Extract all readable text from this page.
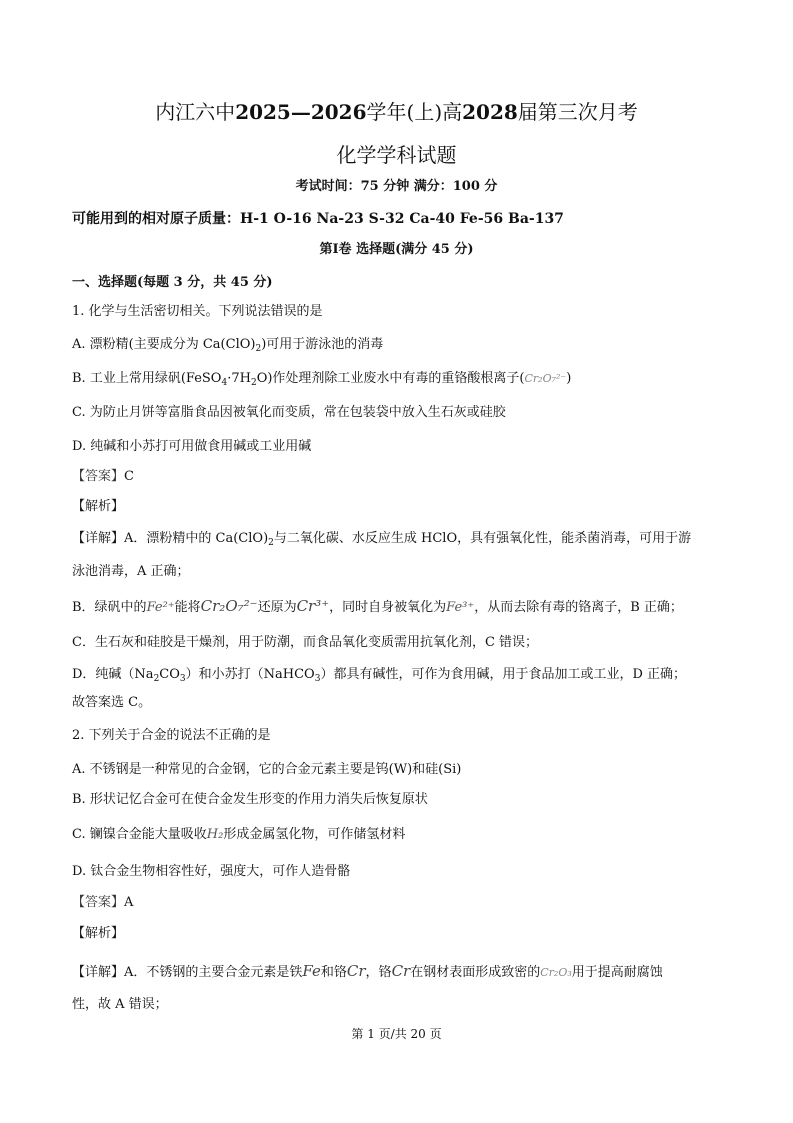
内江六中2025—2026学年(上)高2028届第三次月考
化学学科试题
考试时间：75 分钟 满分：100 分
可能用到的相对原子质量：H-1 O-16 Na-23 S-32 Ca-40 Fe-56 Ba-137
第Ⅰ卷 选择题(满分 45 分)
一、选择题(每题 3 分，共 45 分)
1. 化学与生活密切相关。下列说法错误的是
A. 漂粉精(主要成分为 $Ca(ClO)_2$)可用于游泳池的消毒
B. 工业上常用绿矾$(FeSO_4\cdot 7H_2O)$作处理剂除工业废水中有毒的重铬酸根离子(Cr₂O₇²⁻)
C. 为防止月饼等富脂食品因被氧化而变质，常在包装袋中放入生石灰或硅胶
D. 纯碱和小苏打可用做食用碱或工业用碱
【答案】C
【解析】
【详解】A．漂粉精中的 $Ca(ClO)_2$与二氧化碳、水反应生成 HClO，具有强氧化性，能杀菌消毒，可用于游
泳池消毒，A 正确；
B．绿矾中的Fe²⁺能将Cr₂O₇²⁻还原为Cr³⁺，同时自身被氧化为Fe³⁺，从而去除有毒的铬离子，B 正确；
C．生石灰和硅胶是干燥剂，用于防潮，而食品氧化变质需用抗氧化剂，C 错误；
D．纯碱$(Na_2CO_3)$和小苏打（NaHCO$_3$）都具有碱性，可作为食用碱，用于食品加工或工业，D 正确；
故答案选 C。
2. 下列关于合金的说法不正确的是
A. 不锈钢是一种常见的合金钢，它的合金元素主要是钨(W)和硅(Si)
B. 形状记忆合金可在使合金发生形变的作用力消失后恢复原状
C. 镧镍合金能大量吸收H₂形成金属氢化物，可作储氢材料
D. 钛合金生物相容性好，强度大，可作人造骨骼
【答案】A
【解析】
【详解】A．不锈钢的主要合金元素是铁Fe和铬Cr，铬Cr在钢材表面形成致密的Cr₂O₃用于提高耐腐蚀
性，故 A 错误；
第 1 页/共 20 页
